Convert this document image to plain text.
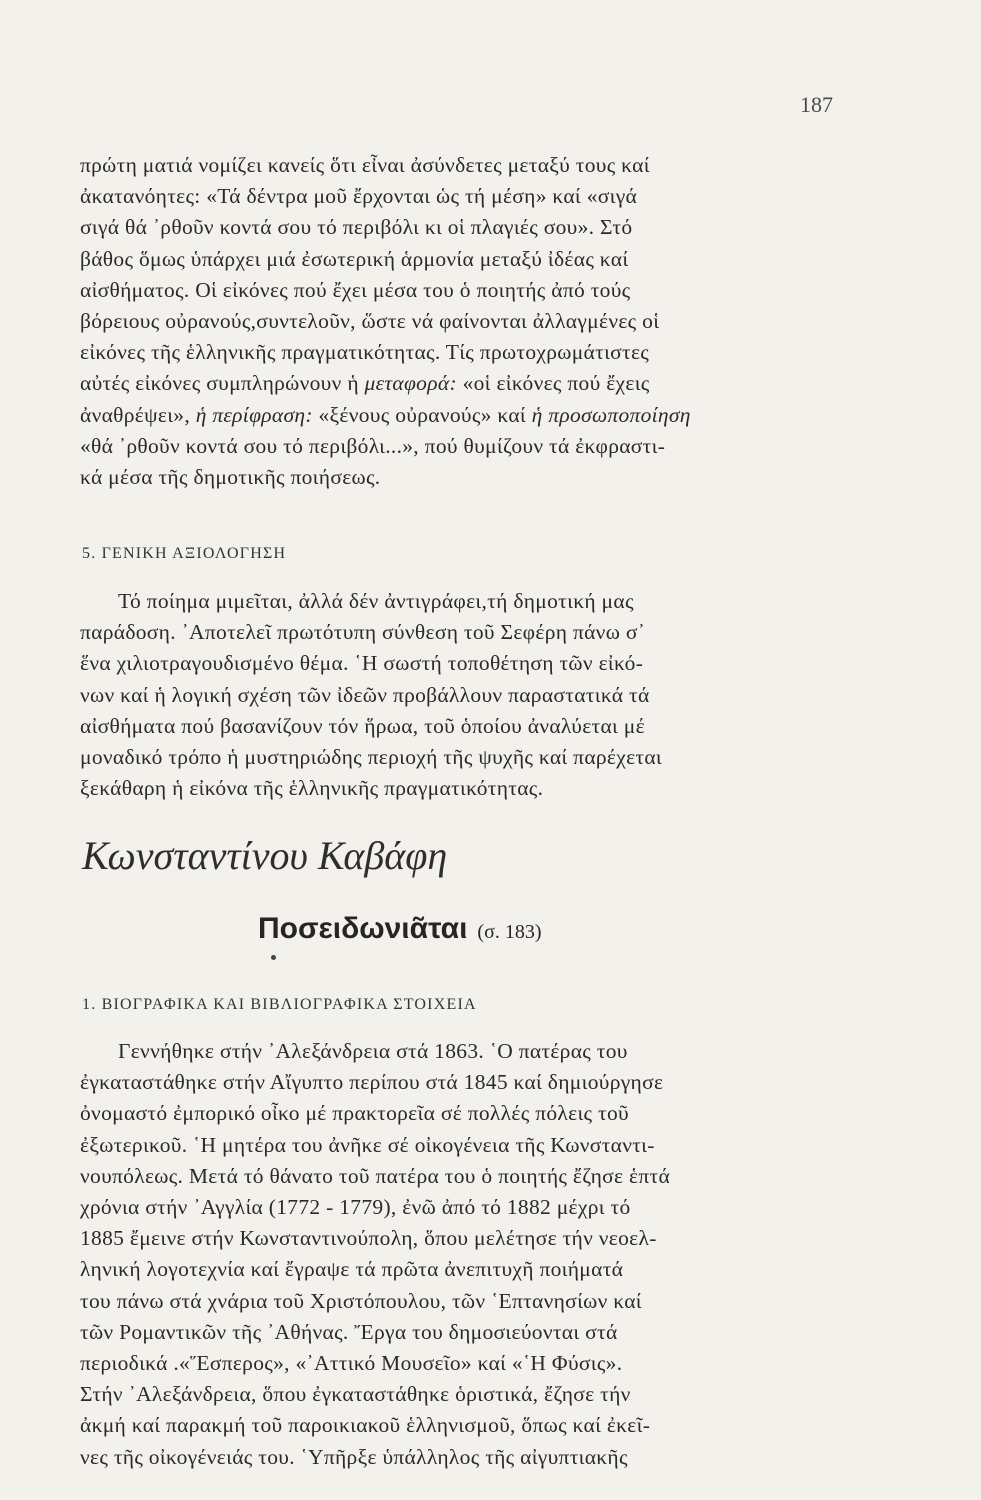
187

πρώτη ματιά νομίζει κανείς ὅτι εἶναι ἀσύνδετες μεταξύ τους καί
ἀκατανόητες: «Τά δέντρα μοῦ ἔρχονται ὡς τή μέση» καί «σιγά
σιγά θά ᾿ρθοῦν κοντά σου τό περιβόλι κι οἱ πλαγιές σου». Στό
βάθος ὅμως ὑπάρχει μιά ἐσωτερική ἁρμονία μεταξύ ἰδέας καί
αἰσθήματος. Οἱ εἰκόνες πού ἔχει μέσα του ὁ ποιητής ἀπό τούς
βόρειους οὐρανούς,συντελοῦν, ὥστε νά φαίνονται ἀλλαγμένες οἱ
εἰκόνες τῆς ἑλληνικῆς πραγματικότητας. Τίς πρωτοχρωμάτιστες
αὐτές εἰκόνες συμπληρώνουν ἡ μεταφορά: «οἱ εἰκόνες πού ἔχεις
ἀναθρέψει», ἡ περίφραση: «ξένους οὐρανούς» καί ἡ προσωποποίηση
«θά ᾿ρθοῦν κοντά σου τό περιβόλι...», πού θυμίζουν τά ἐκφραστι-
κά μέσα τῆς δημοτικῆς ποιήσεως.

5. ΓΕΝΙΚΗ ΑΞΙΟΛΟΓΗΣΗ

Τό ποίημα μιμεῖται, ἀλλά δέν ἀντιγράφει,τή δημοτική μας
παράδοση. ᾿Αποτελεῖ πρωτότυπη σύνθεση τοῦ Σεφέρη πάνω σ᾿
ἕνα χιλιοτραγουδισμένο θέμα. ῾Η σωστή τοποθέτηση τῶν εἰκό-
νων καί ἡ λογική σχέση τῶν ἰδεῶν προβάλλουν παραστατικά τά
αἰσθήματα πού βασανίζουν τόν ἥρωα, τοῦ ὁποίου ἀναλύεται μέ
μοναδικό τρόπο ἡ μυστηριώδης περιοχή τῆς ψυχῆς καί παρέχεται
ξεκάθαρη ἡ εἰκόνα τῆς ἑλληνικῆς πραγματικότητας.

Κωνσταντίνου Καβάφη
Ποσειδωνιᾶται (σ. 183)
1. ΒΙΟΓΡΑΦΙΚΑ ΚΑΙ ΒΙΒΛΙΟΓΡΑΦΙΚΑ ΣΤΟΙΧΕΙΑ

Γεννήθηκε στήν ᾿Αλεξάνδρεια στά 1863. ῾Ο πατέρας του
ἐγκαταστάθηκε στήν Αἴγυπτο περίπου στά 1845 καί δημιούργησε
ὀνομαστό ἐμπορικό οἶκο μέ πρακτορεῖα σέ πολλές πόλεις τοῦ
ἐξωτερικοῦ. ῾Η μητέρα του ἀνῆκε σέ οἰκογένεια τῆς Κωνσταντι-
νουπόλεως. Μετά τό θάνατο τοῦ πατέρα του ὁ ποιητής ἔζησε ἑπτά
χρόνια στήν ᾿Αγγλία (1772 - 1779), ἐνῶ ἀπό τό 1882 μέχρι τό
1885 ἔμεινε στήν Κωνσταντινούπολη, ὅπου μελέτησε τήν νεοελ-
ληνική λογοτεχνία καί ἔγραψε τά πρῶτα ἀνεπιτυχῆ ποιήματά
του πάνω στά χνάρια τοῦ Χριστόπουλου, τῶν ῾Επτανησίων καί
τῶν Ρομαντικῶν τῆς ᾿Αθήνας. Ἔργα του δημοσιεύονται στά
περιοδικά .«Ἕσπερος», «᾿Αττικό Μουσεῖο» καί «῾Η Φύσις».
Στήν ᾿Αλεξάνδρεια, ὅπου ἐγκαταστάθηκε ὁριστικά, ἔζησε τήν
ἀκμή καί παρακμή τοῦ παροικιακοῦ ἑλληνισμοῦ, ὅπως καί ἐκεῖ-
νες τῆς οἰκογένειάς του. ῾Υπῆρξε ὑπάλληλος τῆς αἰγυπτιακῆς
